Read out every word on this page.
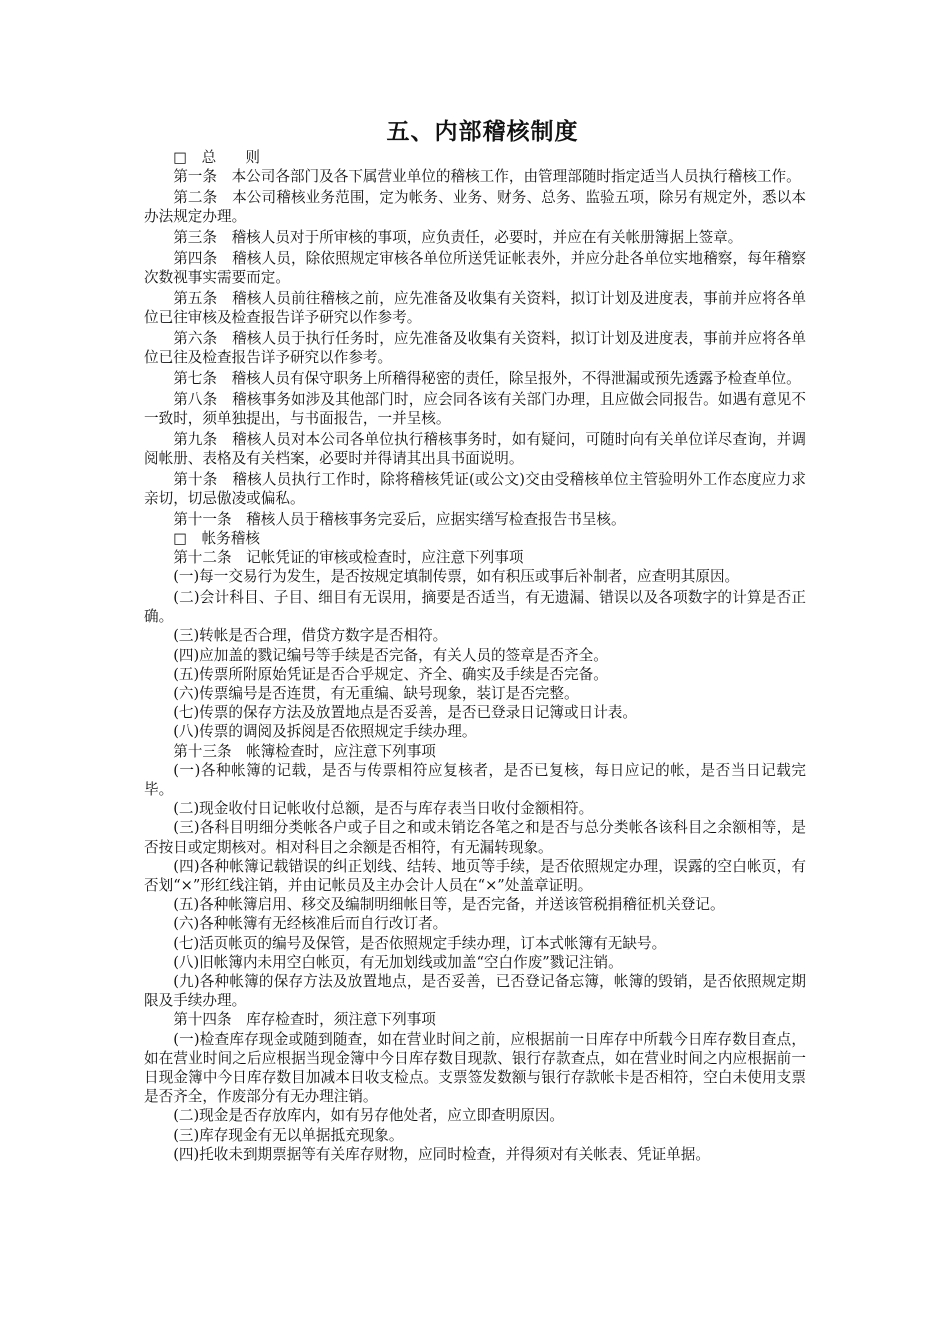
五、内部稽核制度

□　总　　则

第一条　本公司各部门及各下属营业单位的稽核工作，由管理部随时指定适当人员执行稽核工作。

第二条　本公司稽核业务范围，定为帐务、业务、财务、总务、监验五项，除另有规定外，悉以本办法规定办理。

第三条　稽核人员对于所审核的事项，应负责任，必要时，并应在有关帐册簿据上签章。

第四条　稽核人员，除依照规定审核各单位所送凭证帐表外，并应分赴各单位实地稽察，每年稽察次数视事实需要而定。

第五条　稽核人员前往稽核之前，应先准备及收集有关资料，拟订计划及进度表，事前并应将各单位已往审核及检查报告详予研究以作参考。

第六条　稽核人员于执行任务时，应先准备及收集有关资料，拟订计划及进度表，事前并应将各单位已往及检查报告详予研究以作参考。

第七条　稽核人员有保守职务上所稽得秘密的责任，除呈报外，不得泄漏或预先透露予检查单位。

第八条　稽核事务如涉及其他部门时，应会同各该有关部门办理，且应做会同报告。如遇有意见不一致时，须单独提出，与书面报告，一并呈核。

第九条　稽核人员对本公司各单位执行稽核事务时，如有疑问，可随时向有关单位详尽查询，并调阅帐册、表格及有关档案，必要时并得请其出具书面说明。

第十条　稽核人员执行工作时，除将稽核凭证(或公文)交由受稽核单位主管验明外工作态度应力求亲切，切忌傲凌或偏私。

第十一条　稽核人员于稽核事务完妥后，应据实缮写检查报告书呈核。

□　帐务稽核

第十二条　记帐凭证的审核或检查时，应注意下列事项

(一)每一交易行为发生，是否按规定填制传票，如有积压或事后补制者，应查明其原因。

(二)会计科目、子目、细目有无误用，摘要是否适当，有无遗漏、错误以及各项数字的计算是否正确。

(三)转帐是否合理，借贷方数字是否相符。

(四)应加盖的戮记编号等手续是否完备，有关人员的签章是否齐全。

(五)传票所附原始凭证是否合乎规定、齐全、确实及手续是否完备。

(六)传票编号是否连贯，有无重编、缺号现象，装订是否完整。

(七)传票的保存方法及放置地点是否妥善，是否已登录日记簿或日计表。

(八)传票的调阅及拆阅是否依照规定手续办理。

第十三条　帐簿检查时，应注意下列事项

(一)各种帐簿的记载，是否与传票相符应复核者，是否已复核，每日应记的帐，是否当日记载完毕。

(二)现金收付日记帐收付总额，是否与库存表当日收付金额相符。

(三)各科目明细分类帐各户或子目之和或未销讫各笔之和是否与总分类帐各该科目之余额相等，是否按日或定期核对。相对科目之余额是否相符，有无漏转现象。

(四)各种帐簿记载错误的纠正划线、结转、地页等手续，是否依照规定办理，误露的空白帐页，有否划“×”形红线注销，并由记帐员及主办会计人员在“×”处盖章证明。

(五)各种帐簿启用、移交及编制明细帐目等，是否完备，并送该管税捐稽征机关登记。

(六)各种帐簿有无经核准后而自行改订者。

(七)活页帐页的编号及保管，是否依照规定手续办理，订本式帐簿有无缺号。

(八)旧帐簿内未用空白帐页，有无加划线或加盖“空白作废”戮记注销。

(九)各种帐簿的保存方法及放置地点，是否妥善，已否登记备忘簿，帐簿的毁销，是否依照规定期限及手续办理。

第十四条　库存检查时，须注意下列事项

(一)检查库存现金或随到随查，如在营业时间之前，应根据前一日库存中所载今日库存数目查点，如在营业时间之后应根据当现金簿中今日库存数目现款、银行存款查点，如在营业时间之内应根据前一日现金簿中今日库存数目加减本日收支检点。支票签发数额与银行存款帐卡是否相符，空白未使用支票是否齐全，作废部分有无办理注销。

(二)现金是否存放库内，如有另存他处者，应立即查明原因。

(三)库存现金有无以单据抵充现象。

(四)托收未到期票据等有关库存财物，应同时检查，并得须对有关帐表、凭证单据。
